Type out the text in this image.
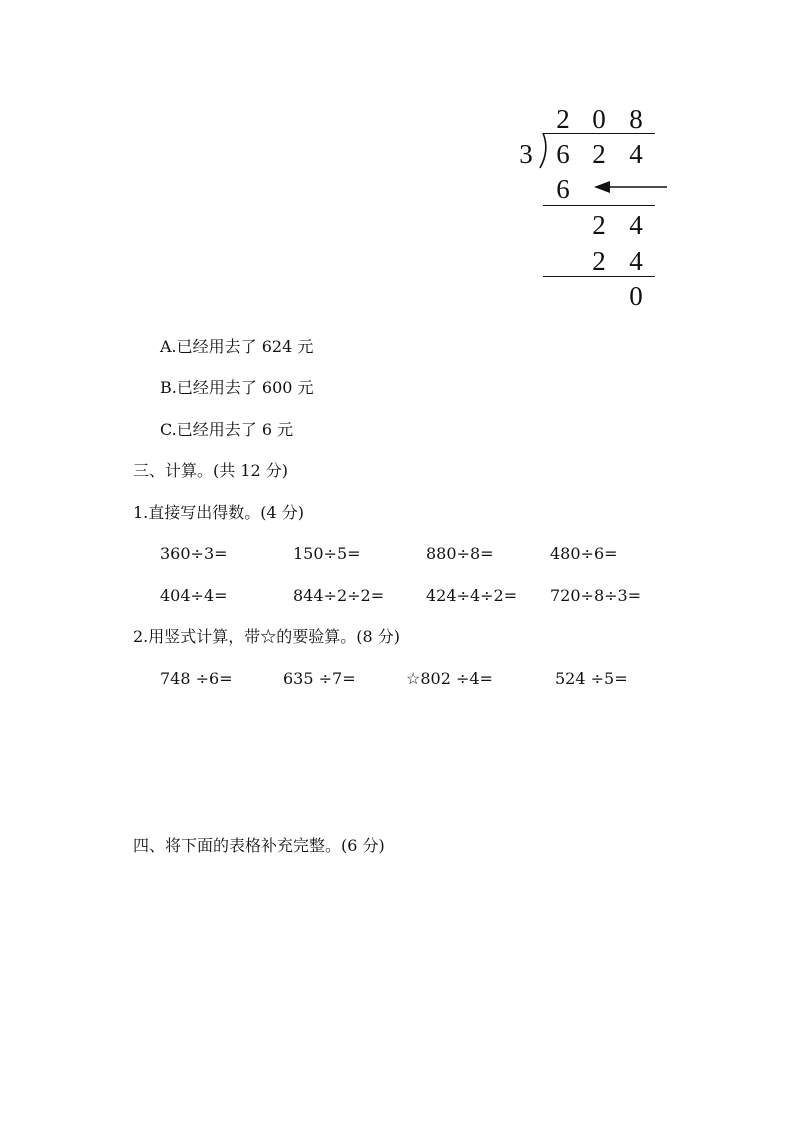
2 0 8
3 6 2 4
6
2 4
2 4
0
A.已经用去了 624 元
B.已经用去了 600 元
C.已经用去了 6 元
三、计算。(共 12 分)
1.直接写出得数。(4 分)
360÷3=	150÷5=	880÷8=	480÷6=
404÷4=	844÷2÷2=	424÷4÷2= 720÷8÷3=
2.用竖式计算，带☆的要验算。(8 分)
748 ÷6=	635 ÷7=	☆802 ÷4=	524 ÷5=
四、将下面的表格补充完整。(6 分)
